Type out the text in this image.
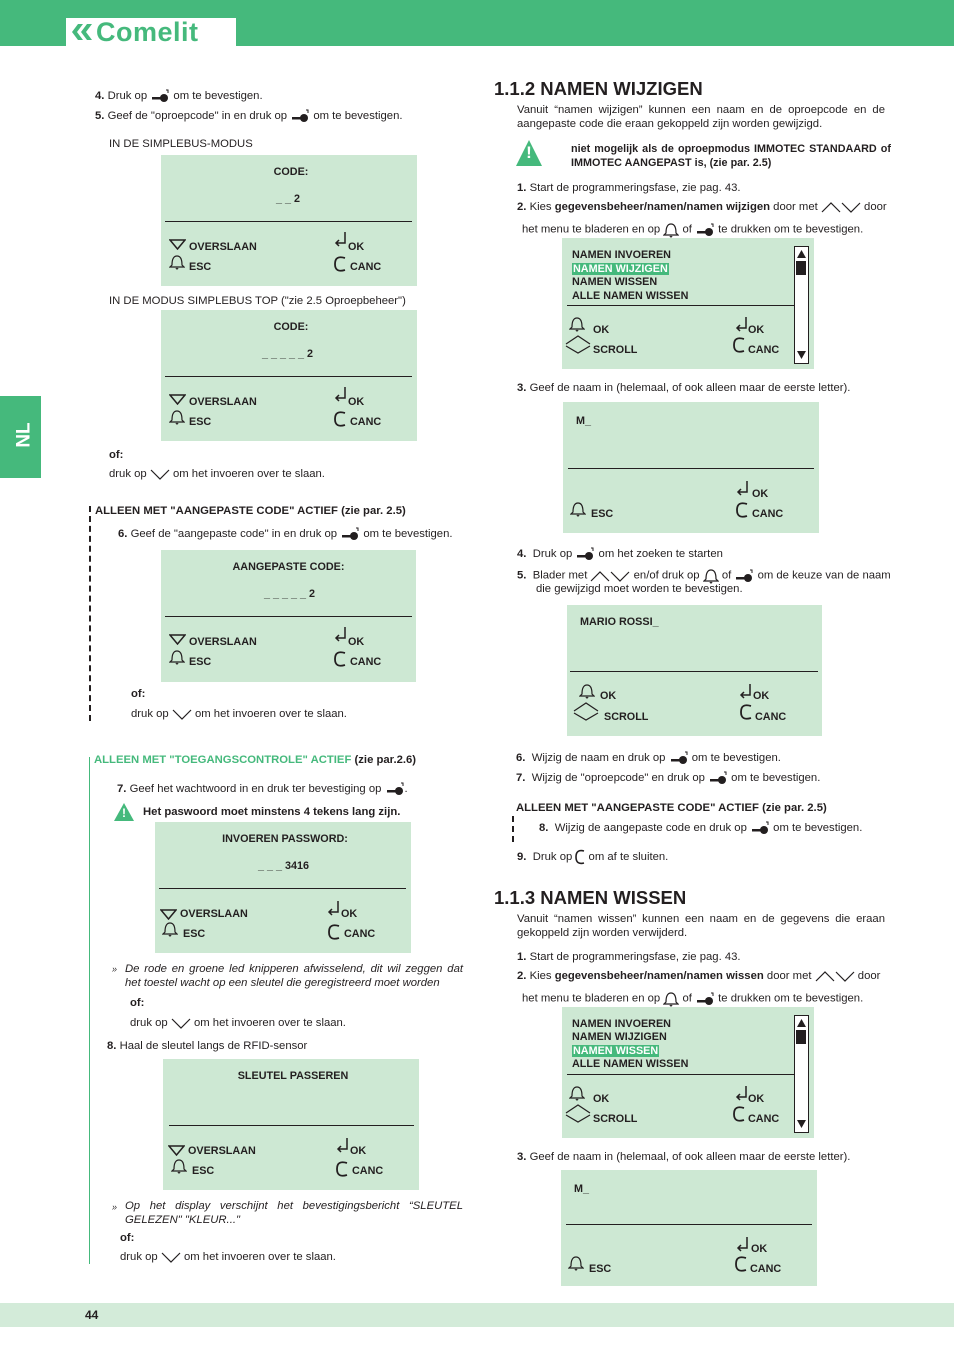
Comelit
NL
4. Druk op om te bevestigen.
5. Geef de "oproepcode" in en druk op om te bevestigen.
IN DE SIMPLEBUS-MODUS
CODE:
_ _ 2
OVERSLAAN	OK
ESC	CANC
IN DE MODUS SIMPLEBUS TOP ("zie 2.5 Oproepbeheer")
CODE:
_ _ _ _ _ 2
OVERSLAAN	OK
ESC	CANC
of:
druk op om het invoeren over te slaan.
ALLEEN MET "AANGEPASTE CODE" ACTIEF (zie par. 2.5)
6. Geef de "aangepaste code" in en druk op om te bevestigen.
AANGEPASTE CODE:
_ _ _ _ _ 2
OVERSLAAN	OK
ESC	CANC
of:
druk op om het invoeren over te slaan.
ALLEEN MET "TOEGANGSCONTROLE" ACTIEF (zie par.2.6)
7. Geef het wachtwoord in en druk ter bevestiging op .
!	Het paswoord moet minstens 4 tekens lang zijn.
INVOEREN PASSWORD:
_ _ _ 3416
OVERSLAAN	OK
ESC	CANC
» De rode en groene led knipperen afwisselend, dit wil zeggen dat het toestel wacht op een sleutel die geregistreerd moet worden
of:
druk op om het invoeren over te slaan.
8. Haal de sleutel langs de RFID-sensor
SLEUTEL PASSEREN
OVERSLAAN	OK
ESC	CANC
» Op het display verschijnt het bevestigingsbericht “SLEUTEL GELEZEN" "KLEUR..."
of:
druk op om het invoeren over te slaan.
1.1.2 NAMEN WIJZIGEN
Vanuit “namen wijzigen” kunnen een naam en de oproepcode en de aangepaste code die eraan gekoppeld zijn worden gewijzigd.
!	niet mogelijk als de oproepmodus IMMOTEC STANDAARD of IMMOTEC AANGEPAST is, (zie par. 2.5)
1. Start de programmeringsfase, zie pag. 43.
2. Kies gegevensbeheer/namen/namen wijzigen door met	door
het menu te bladeren en op of te drukken om te bevestigen.
NAMEN INVOEREN
NAMEN WIJZIGEN
NAMEN WISSEN
ALLE NAMEN WISSEN
OK	OK
SCROLL	CANC
3. Geef de naam in (helemaal, of ook alleen maar de eerste letter).
M_
OK
ESC	CANC
4. Druk op om het zoeken te starten
5. Blader met	en/of druk op of om de keuze van de naam
die gewijzigd moet worden te bevestigen.
MARIO ROSSI_
OK	OK
SCROLL	CANC
6. Wijzig de naam en druk op om te bevestigen.
7. Wijzig de "oproepcode" en druk op om te bevestigen.
ALLEEN MET "AANGEPASTE CODE" ACTIEF (zie par. 2.5)
8. Wijzig de aangepaste code en druk op om te bevestigen.
9. Druk op om af te sluiten.
1.1.3 NAMEN WISSEN
Vanuit “namen wissen” kunnen een naam en de gegevens die eraan gekoppeld zijn worden verwijderd.
1. Start de programmeringsfase, zie pag. 43.
2. Kies gegevensbeheer/namen/namen wissen door met	door
het menu te bladeren en op of te drukken om te bevestigen.
NAMEN INVOEREN
NAMEN WIJZIGEN
NAMEN WISSEN
ALLE NAMEN WISSEN
OK	OK
SCROLL	CANC
3. Geef de naam in (helemaal, of ook alleen maar de eerste letter).
M_
OK
ESC	CANC
44
